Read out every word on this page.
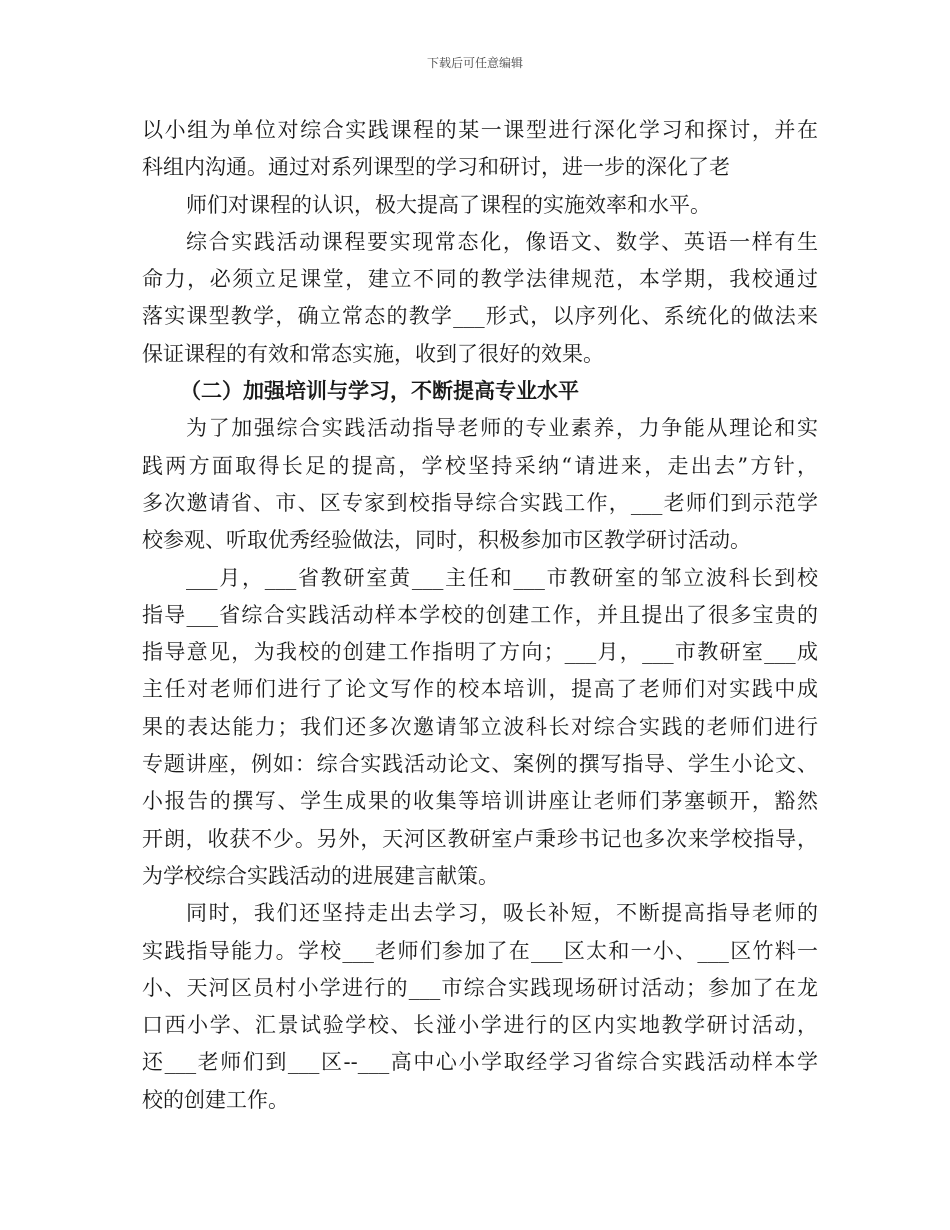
下载后可任意编辑
以小组为单位对综合实践课程的某一课型进行深化学习和探讨，并在
科组内沟通。通过对系列课型的学习和研讨，进一步的深化了老
师们对课程的认识，极大提高了课程的实施效率和水平。
综合实践活动课程要实现常态化，像语文、数学、英语一样有生
命力，必须立足课堂，建立不同的教学法律规范，本学期，我校通过
落实课型教学，确立常态的教学___形式，以序列化、系统化的做法来
保证课程的有效和常态实施，收到了很好的效果。
（二）加强培训与学习，不断提高专业水平
为了加强综合实践活动指导老师的专业素养，力争能从理论和实
践两方面取得长足的提高，学校坚持采纳“请进来，走出去”方针，
多次邀请省、市、区专家到校指导综合实践工作，___老师们到示范学
校参观、听取优秀经验做法，同时，积极参加市区教学研讨活动。
___月，___省教研室黄___主任和___市教研室的邹立波科长到校
指导___省综合实践活动样本学校的创建工作，并且提出了很多宝贵的
指导意见，为我校的创建工作指明了方向；___月，___市教研室___成
主任对老师们进行了论文写作的校本培训，提高了老师们对实践中成
果的表达能力；我们还多次邀请邹立波科长对综合实践的老师们进行
专题讲座，例如：综合实践活动论文、案例的撰写指导、学生小论文、
小报告的撰写、学生成果的收集等培训讲座让老师们茅塞顿开，豁然
开朗，收获不少。另外，天河区教研室卢秉珍书记也多次来学校指导，
为学校综合实践活动的进展建言献策。
同时，我们还坚持走出去学习，吸长补短，不断提高指导老师的
实践指导能力。学校___老师们参加了在___区太和一小、___区竹料一
小、天河区员村小学进行的___市综合实践现场研讨活动；参加了在龙
口西小学、汇景试验学校、长湴小学进行的区内实地教学研讨活动，
还___老师们到___区--___高中心小学取经学习省综合实践活动样本学
校的创建工作。
